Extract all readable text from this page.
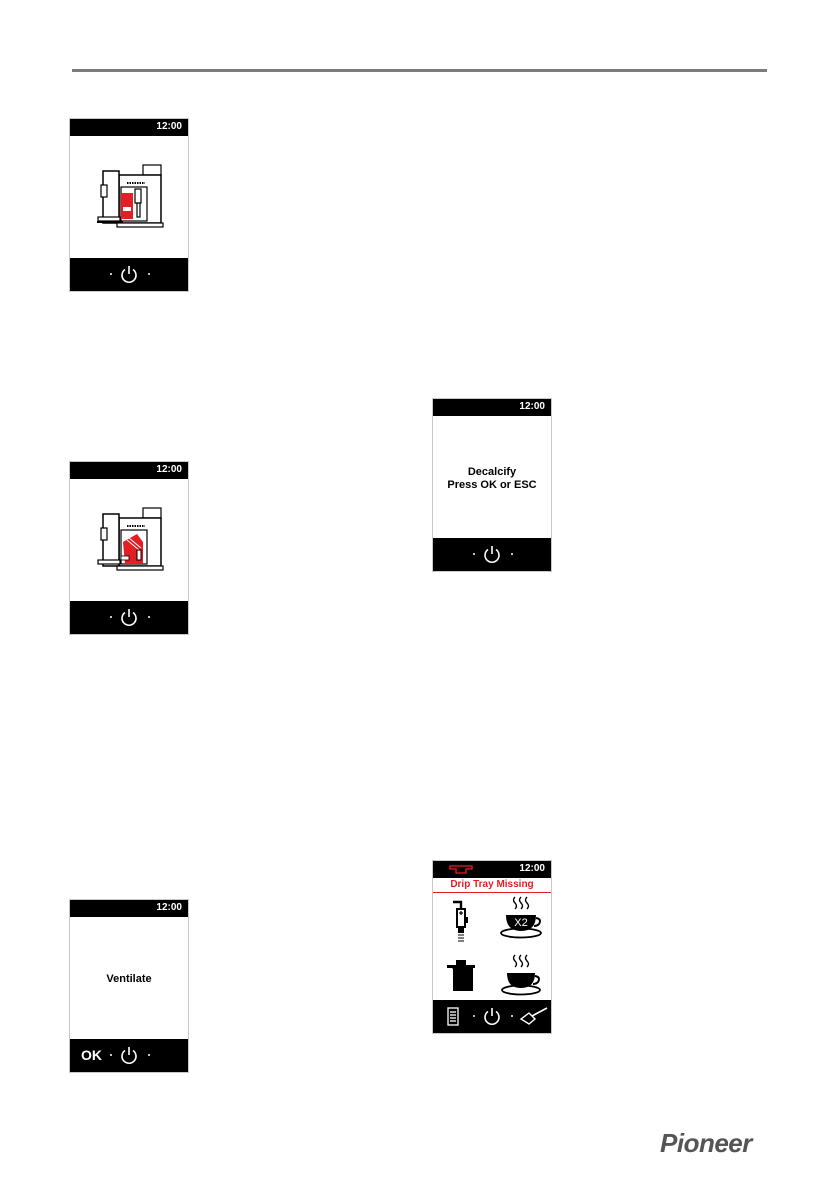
12:00
12:00
12:00
Decalcify
Press OK or ESC
12:00
Ventilate
OK
12:00
Drip Tray Missing
X2
Pioneer
